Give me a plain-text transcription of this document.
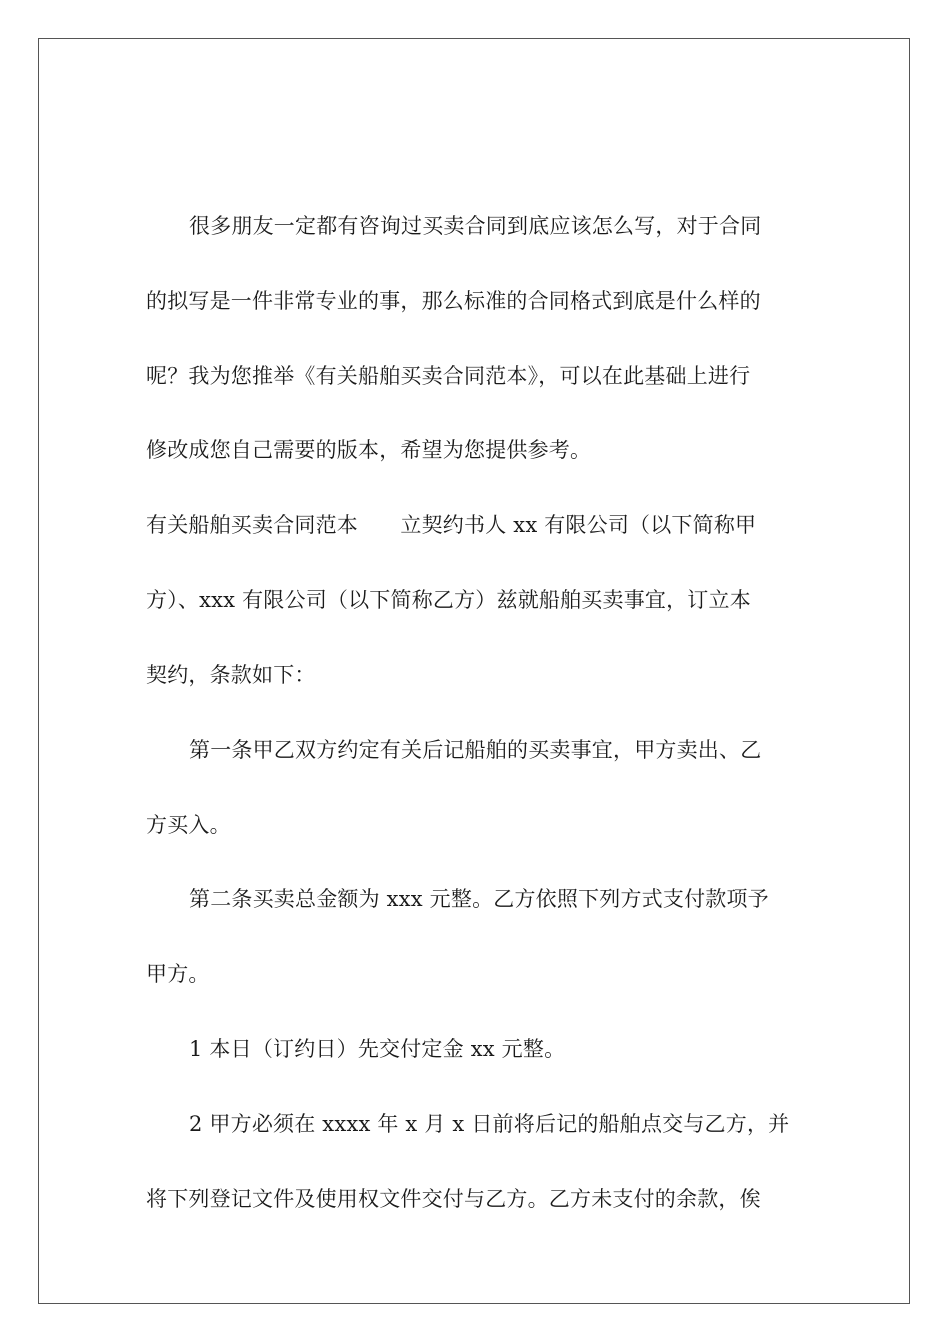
很多朋友一定都有咨询过买卖合同到底应该怎么写，对于合同
的拟写是一件非常专业的事，那么标准的合同格式到底是什么样的
呢？我为您推举《有关船舶买卖合同范本》，可以在此基础上进行
修改成您自己需要的版本，希望为您提供参考。
有关船舶买卖合同范本　　立契约书人 xx 有限公司（以下简称甲
方）、xxx 有限公司（以下简称乙方）兹就船舶买卖事宜，订立本
契约，条款如下：
第一条甲乙双方约定有关后记船舶的买卖事宜，甲方卖出、乙
方买入。
第二条买卖总金额为 xxx 元整。乙方依照下列方式支付款项予
甲方。
1 本日（订约日）先交付定金 xx 元整。
2 甲方必须在 xxxx 年 x 月 x 日前将后记的船舶点交与乙方，并
将下列登记文件及使用权文件交付与乙方。乙方未支付的余款，俟
